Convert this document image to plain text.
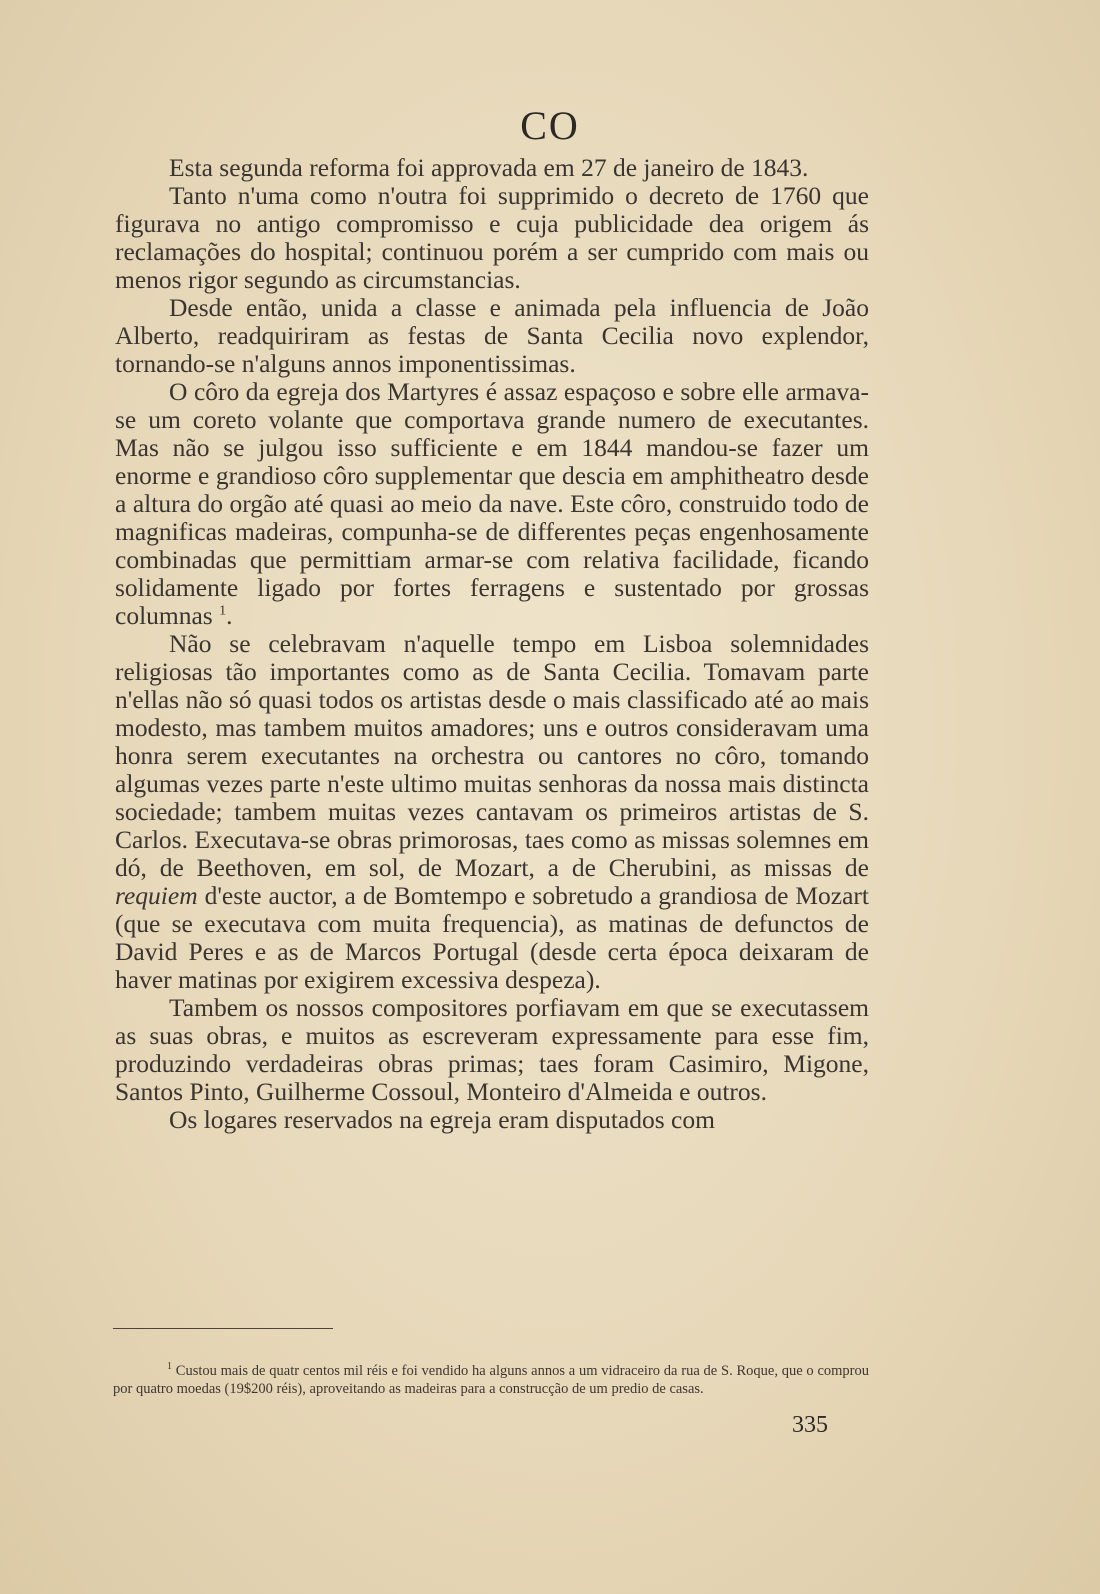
CO

Esta segunda reforma foi approvada em 27 de janeiro de 1843.

Tanto n'uma como n'outra foi supprimido o decreto de 1760 que figurava no antigo compromisso e cuja publicidade dea origem ás reclamações do hospital; continuou porém a ser cumprido com mais ou menos rigor segundo as circumstancias.

Desde então, unida a classe e animada pela influencia de João Alberto, readquiriram as festas de Santa Cecilia novo explendor, tornando-se n'alguns annos imponentissimas.

O côro da egreja dos Martyres é assaz espaçoso e sobre elle armava-se um coreto volante que comportava grande numero de executantes. Mas não se julgou isso sufficiente e em 1844 mandou-se fazer um enorme e grandioso côro supplementar que descia em amphitheatro desde a altura do orgão até quasi ao meio da nave. Este côro, construido todo de magnificas madeiras, compunha-se de differentes peças engenhosamente combinadas que permittiam armar-se com relativa facilidade, ficando solidamente ligado por fortes ferragens e sustentado por grossas columnas $^1$.

Não se celebravam n'aquelle tempo em Lisboa solemnidades religiosas tão importantes como as de Santa Cecilia. Tomavam parte n'ellas não só quasi todos os artistas desde o mais classificado até ao mais modesto, mas tambem muitos amadores; uns e outros consideravam uma honra serem executantes na orchestra ou cantores no côro, tomando algumas vezes parte n'este ultimo muitas senhoras da nossa mais distincta sociedade; tambem muitas vezes cantavam os primeiros artistas de S. Carlos. Executava-se obras primorosas, taes como as missas solemnes em dó, de Beethoven, em sol, de Mozart, a de Cherubini, as missas de requiem d'este auctor, a de Bomtempo e sobretudo a grandiosa de Mozart (que se executava com muita frequencia), as matinas de defunctos de David Peres e as de Marcos Portugal (desde certa época deixaram de haver matinas por exigirem excessiva despeza).

Tambem os nossos compositores porfiavam em que se executassem as suas obras, e muitos as escreveram expressamente para esse fim, produzindo verdadeiras obras primas; taes foram Casimiro, Migone, Santos Pinto, Guilherme Cossoul, Monteiro d'Almeida e outros.

Os logares reservados na egreja eram disputados com

$^1$ Custou mais de quatr centos mil réis e foi vendido ha alguns annos a um vidraceiro da rua de S. Roque, que o comprou por quatro moedas (19$200 réis), aproveitando as madeiras para a construcção de um predio de casas.

335
